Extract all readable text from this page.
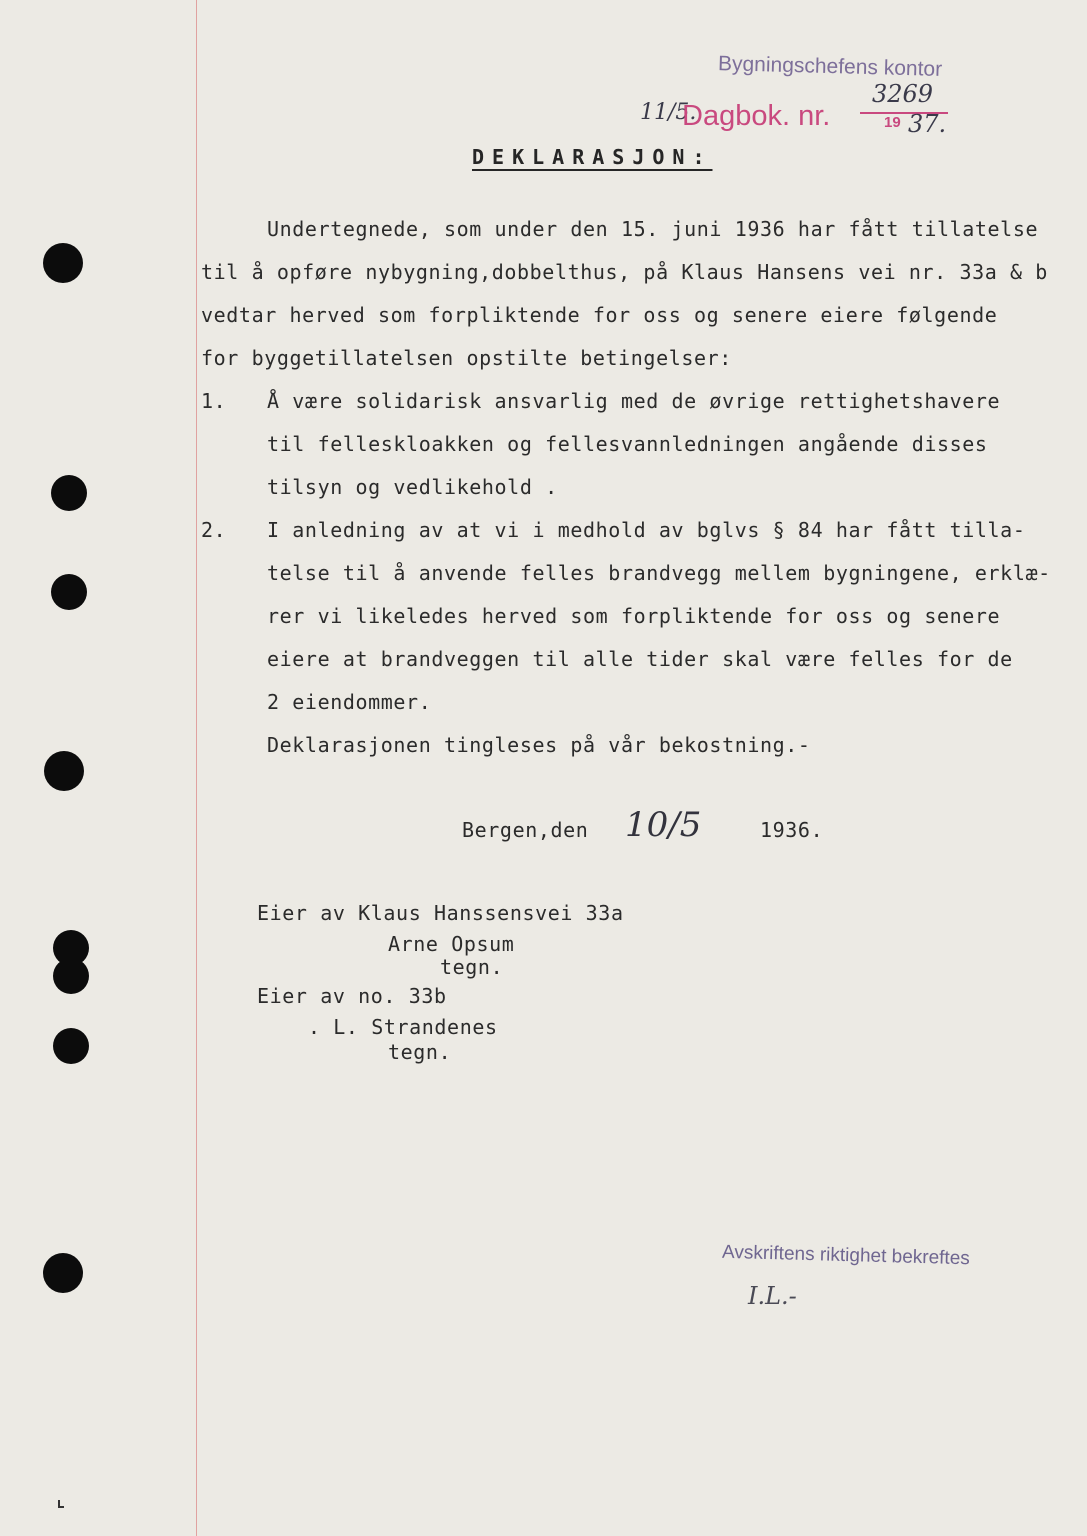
Bygningschefens kontor
11/5.
Dagbok. nr.
3269
19 37.
DEKLARASJON:
Undertegnede, som under den 15. juni 1936 har fått tillatelse
til å opføre nybygning,dobbelthus, på Klaus Hansens vei nr. 33a & b
vedtar herved som forpliktende for oss og senere eiere følgende
for byggetillatelsen opstilte betingelser:
1. Å være solidarisk ansvarlig med de øvrige rettighetshavere
til felleskloakken og fellesvannledningen angående disses
tilsyn og vedlikehold .
2. I anledning av at vi i medhold av bglvs § 84 har fått tilla-
telse til å anvende felles brandvegg mellem bygningene, erklæ-
rer vi likeledes herved som forpliktende for oss og senere
eiere at brandveggen til alle tider skal være felles for de
2 eiendommer.
Deklarasjonen tingleses på vår bekostning.-
Bergen,den 10/5	1936.
Eier av Klaus Hanssensvei 33a
Arne Opsum
tegn.
Eier av no. 33b
. L. Strandenes
tegn.
Avskriftens riktighet bekreftes
I.L.-
